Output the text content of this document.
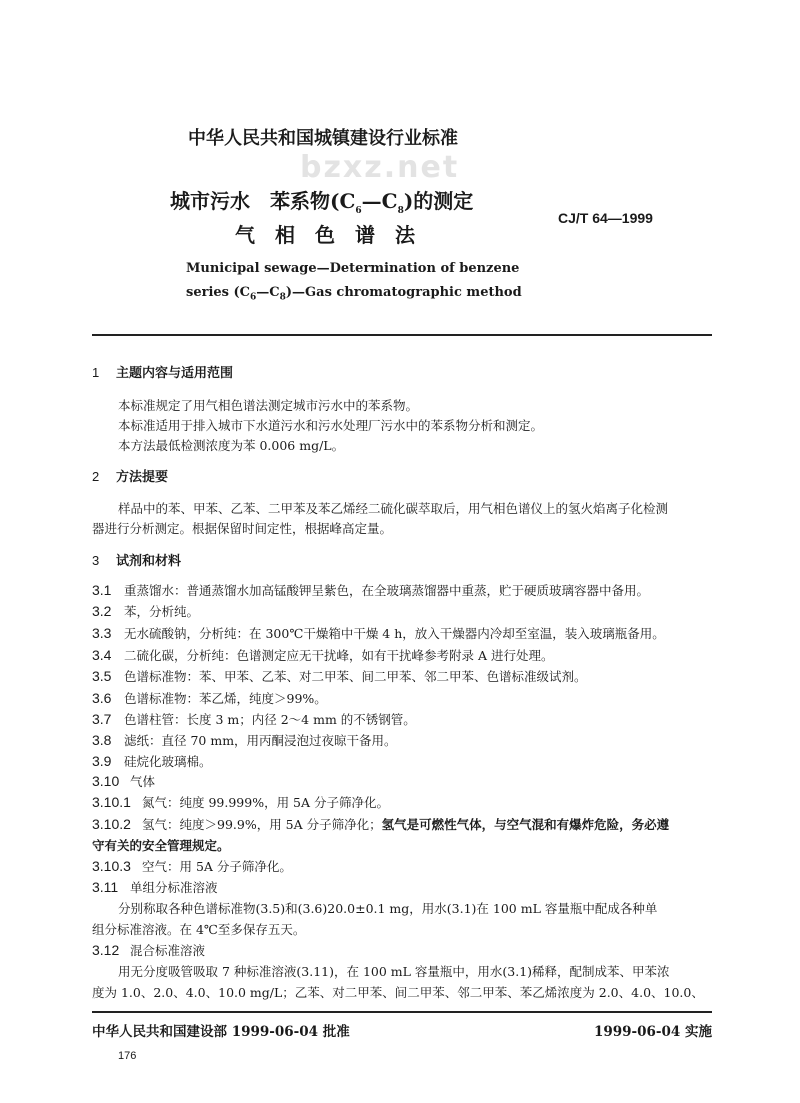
bzxz.net
中华人民共和国城镇建设行业标准
城市污水　苯系物$(C_6—C_8)$的测定
气相色谱法
CJ/T 64—1999
Municipal sewage—Determination of benzene
series $(C_6—C_8)—Gas$ chromatographic method
1 主题内容与适用范围
本标准规定了用气相色谱法测定城市污水中的苯系物。
本标准适用于排入城市下水道污水和污水处理厂污水中的苯系物分析和测定。
本方法最低检测浓度为苯 0.006 mg/L。
2 方法提要
样品中的苯、甲苯、乙苯、二甲苯及苯乙烯经二硫化碳萃取后，用气相色谱仪上的氢火焰离子化检测
器进行分析测定。根据保留时间定性，根据峰高定量。
3 试剂和材料
3.1 重蒸馏水：普通蒸馏水加高锰酸钾呈紫色，在全玻璃蒸馏器中重蒸，贮于硬质玻璃容器中备用。
3.2 苯，分析纯。
3.3 无水硫酸钠，分析纯：在 300℃干燥箱中干燥 4 h，放入干燥器内冷却至室温，装入玻璃瓶备用。
3.4 二硫化碳，分析纯：色谱测定应无干扰峰，如有干扰峰参考附录 A 进行处理。
3.5 色谱标准物：苯、甲苯、乙苯、对二甲苯、间二甲苯、邻二甲苯、色谱标准级试剂。
3.6 色谱标准物：苯乙烯，纯度＞99%。
3.7 色谱柱管：长度 3 m；内径 2～4 mm 的不锈钢管。
3.8 滤纸：直径 70 mm，用丙酮浸泡过夜晾干备用。
3.9 硅烷化玻璃棉。
3.10 气体
3.10.1 氮气：纯度 99.999%，用 5A 分子筛净化。
3.10.2 氢气：纯度＞99.9%，用 5A 分子筛净化；氢气是可燃性气体，与空气混和有爆炸危险，务必遵
守有关的安全管理规定。
3.10.3 空气：用 5A 分子筛净化。
3.11 单组分标准溶液
分别称取各种色谱标准物(3.5)和(3.6)20.0±0.1 mg，用水(3.1)在 100 mL 容量瓶中配成各种单
组分标准溶液。在 4℃至多保存五天。
3.12 混合标准溶液
用无分度吸管吸取 7 种标准溶液(3.11)，在 100 mL 容量瓶中，用水(3.1)稀释，配制成苯、甲苯浓
度为 1.0、2.0、4.0、10.0 mg/L；乙苯、对二甲苯、间二甲苯、邻二甲苯、苯乙烯浓度为 2.0、4.0、10.0、
中华人民共和国建设部 1999-06-04 批准	1999-06-04 实施
176
